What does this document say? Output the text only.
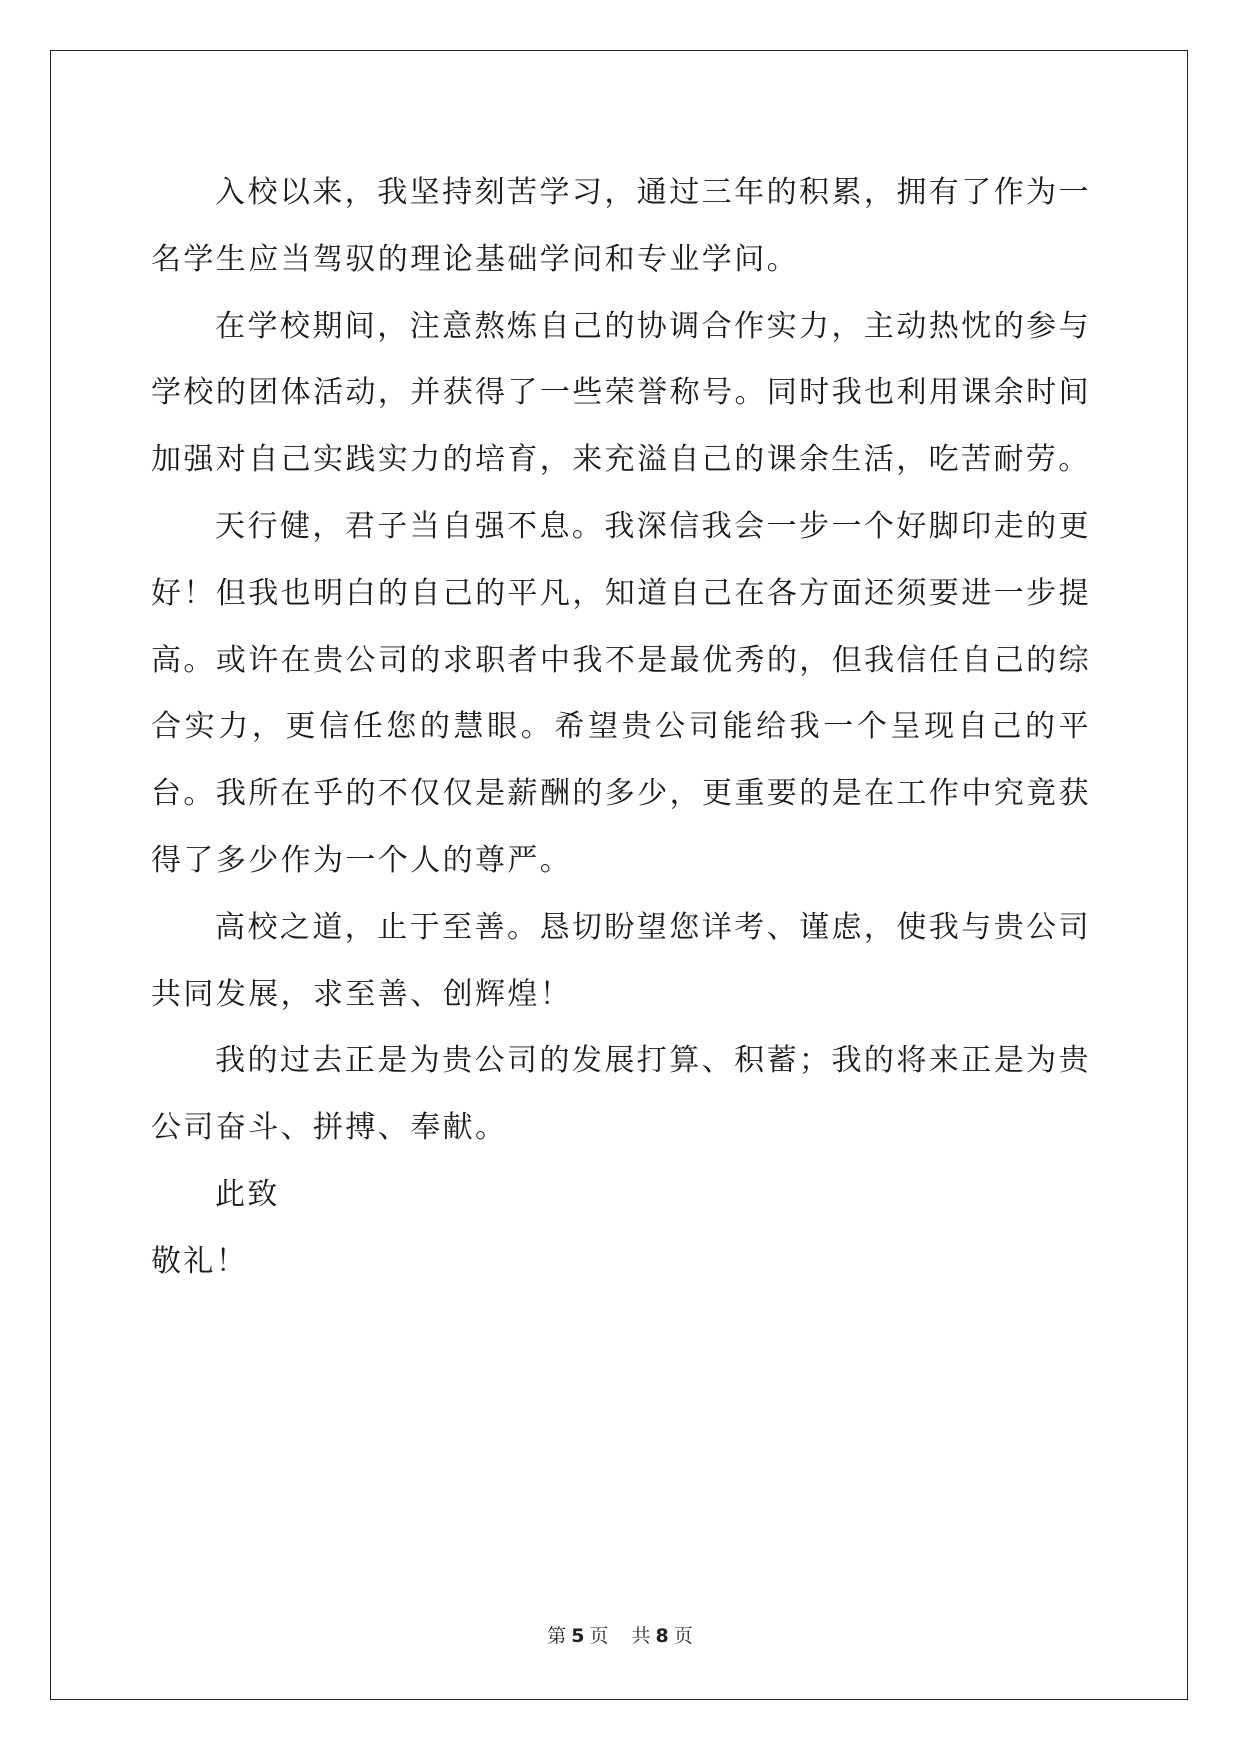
入校以来，我坚持刻苦学习，通过三年的积累，拥有了作为一名学生应当驾驭的理论基础学问和专业学问。

在学校期间，注意熬炼自己的协调合作实力，主动热忱的参与学校的团体活动，并获得了一些荣誉称号。同时我也利用课余时间加强对自己实践实力的培育，来充溢自己的课余生活，吃苦耐劳。

天行健，君子当自强不息。我深信我会一步一个好脚印走的更好！但我也明白的自己的平凡，知道自己在各方面还须要进一步提高。或许在贵公司的求职者中我不是最优秀的，但我信任自己的综合实力，更信任您的慧眼。希望贵公司能给我一个呈现自己的平台。我所在乎的不仅仅是薪酬的多少，更重要的是在工作中究竟获得了多少作为一个人的尊严。

高校之道，止于至善。恳切盼望您详考、谨虑，使我与贵公司共同发展，求至善、创辉煌！

我的过去正是为贵公司的发展打算、积蓄；我的将来正是为贵公司奋斗、拼搏、奉献。

此致

敬礼！

第 5 页 共 8 页
